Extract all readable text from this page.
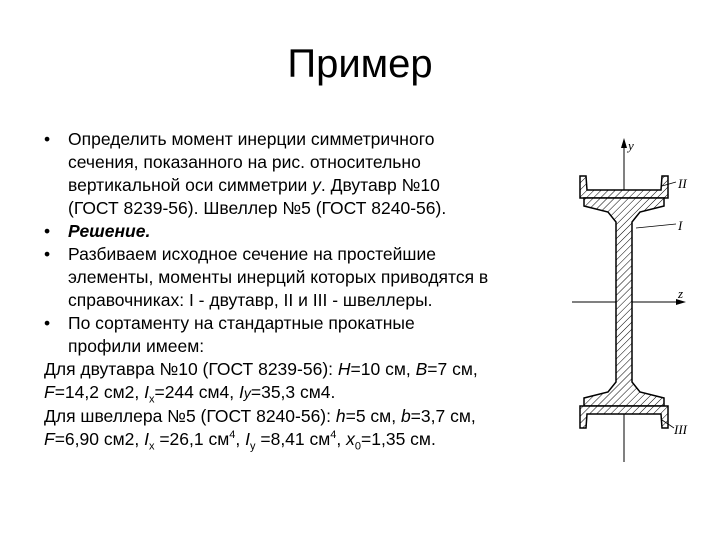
Пример
• Определить момент инерции симметричного
сечения, показанного на рис. относительно
вертикальной оси симметрии y. Двутавр №10
(ГОСТ 8239-56). Швеллер №5 (ГОСТ 8240-56).
• Решение.
• Разбиваем исходное сечение на простейшие
элементы, моменты инерций которых приводятся в
справочниках: I - двутавр, II и III - швеллеры.
• По сортаменту на стандартные прокатные
профили имеем:
Для двутавра №10 (ГОСТ 8239-56): H=10 см, B=7 см,
F=14,2 см2, $I_x=244$ см4, Iy=35,3 см4.
Для швеллера №5 (ГОСТ 8240-56): h=5 см, b=3,7 см,
F=6,90 см2, $I_x =26,1$ $см^4$, $I_y =8,41$ $см^4$, $x_0=1,35$ см.
y
z
II
I
III
